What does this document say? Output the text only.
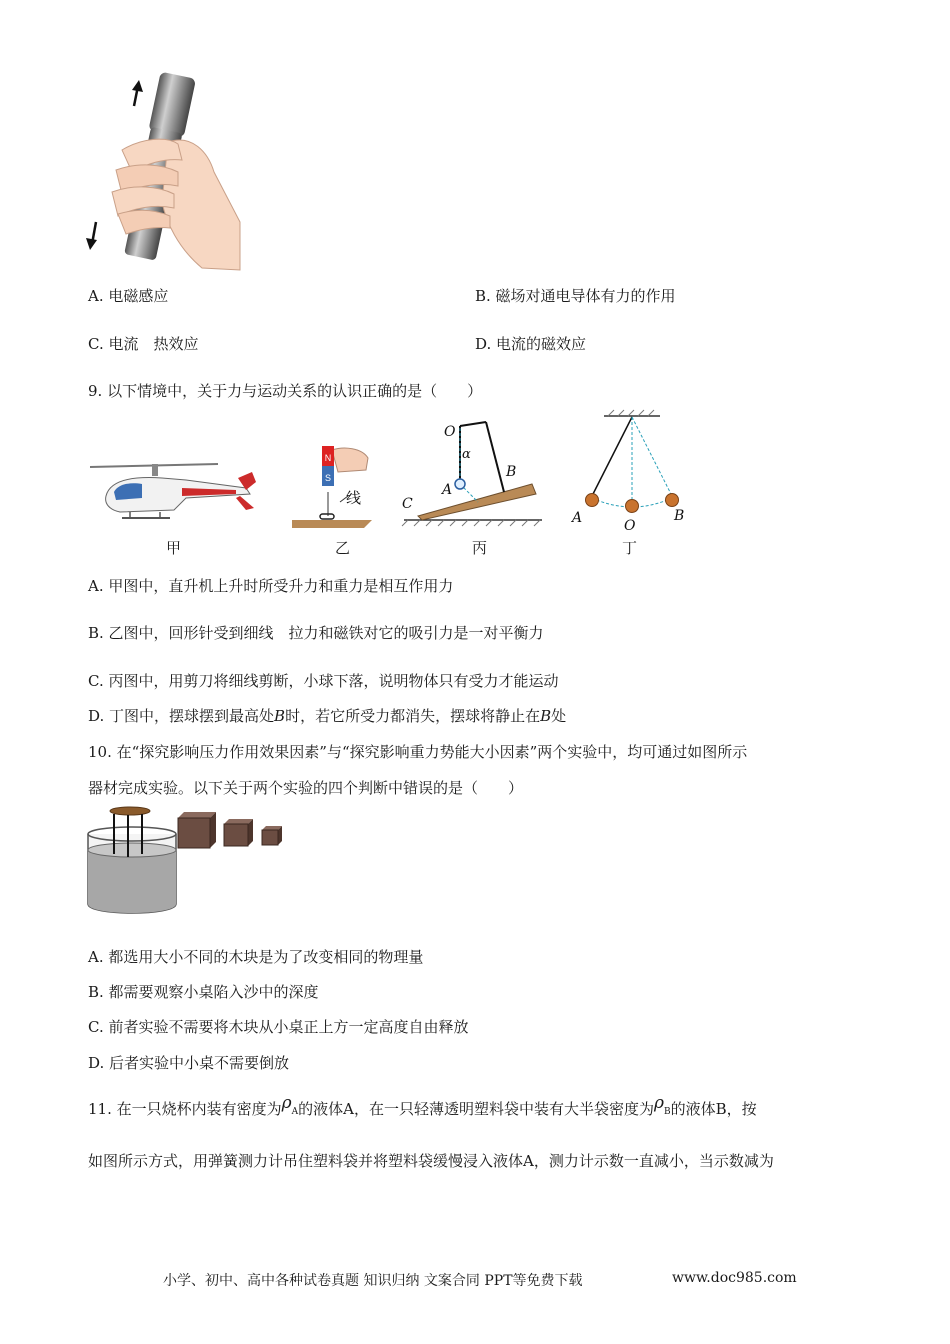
A. 电磁感应	B. 磁场对通电导体有力的作用
C. 电流　热效应	D. 电流的磁效应
9. 以下情境中，关于力与运动关系的认识正确的是（　　）
N
S
线
O
α
A
B
C
A	O
B
甲	乙	丙	丁
A. 甲图中，直升机上升时所受升力和重力是相互作用力
B. 乙图中，回形针受到细线　拉力和磁铁对它的吸引力是一对平衡力
C. 丙图中，用剪刀将细线剪断，小球下落，说明物体只有受力才能运动
D. 丁图中，摆球摆到最高处B时，若它所受力都消失，摆球将静止在B处
10. 在“探究影响压力作用效果因素”与“探究影响重力势能大小因素”两个实验中，均可通过如图所示
器材完成实验。以下关于两个实验的四个判断中错误的是（　　）
A. 都选用大小不同的木块是为了改变相同的物理量
B. 都需要观察小桌陷入沙中的深度
C. 前者实验不需要将木块从小桌正上方一定高度自由释放
D. 后者实验中小桌不需要倒放
11. 在一只烧杯内装有密度为ρA的液体A，在一只轻薄透明塑料袋中装有大半袋密度为ρB的液体B，按
如图所示方式，用弹簧测力计吊住塑料袋并将塑料袋缓慢浸入液体A，测力计示数一直减小，当示数减为
小学、初中、高中各种试卷真题 知识归纳 文案合同 PPT等免费下载	www.doc985.com
